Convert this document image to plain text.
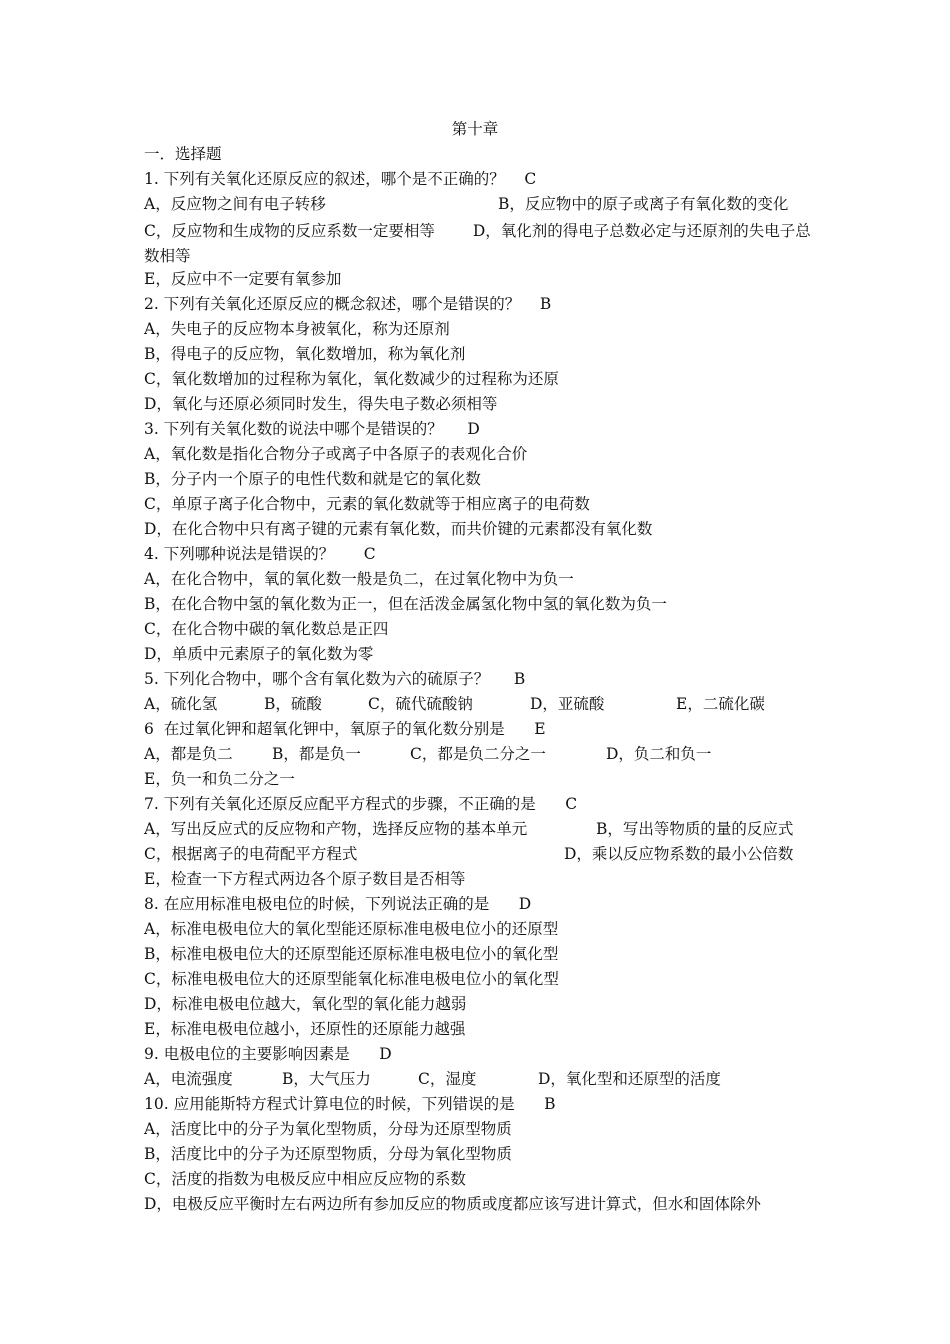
第十章
一．选择题
1. 下列有关氧化还原反应的叙述，哪个是不正确的？    C

A，反应物之间有电子转移

	B，反应物中的原子或离子有氧化数的变化

C，反应物和生成物的反应系数一定要相等 D，氧化剂的得电子总数必定与还原剂的失电子总数相等
E，反应中不一定要有氧参加
2. 下列有关氧化还原反应的概念叙述，哪个是错误的？    B
A，失电子的反应物本身被氧化，称为还原剂
B，得电子的反应物，氧化数增加，称为氧化剂
C，氧化数增加的过程称为氧化，氧化数减少的过程称为还原
D，氧化与还原必须同时发生，得失电子数必须相等
3. 下列有关氧化数的说法中哪个是错误的？     D
A，氧化数是指化合物分子或离子中各原子的表观化合价
B，分子内一个原子的电性代数和就是它的氧化数
C，单原子离子化合物中，元素的氧化数就等于相应离子的电荷数
D，在化合物中只有离子键的元素有氧化数，而共价键的元素都没有氧化数
4. 下列哪种说法是错误的？      C
A，在化合物中，氧的氧化数一般是负二，在过氧化物中为负一
B，在化合物中氢的氧化数为正一，但在活泼金属氢化物中氢的氧化数为负一
C，在化合物中碳的氧化数总是正四
D，单质中元素原子的氧化数为零
5. 下列化合物中，哪个含有氧化数为六的硫原子？     B

A，硫化氢

	B，硫酸

	C，硫代硫酸钠

	D，亚硫酸

	E，二硫化碳

6  在过氧化钾和超氧化钾中，氧原子的氧化数分别是      E

A，都是负二

	B，都是负一

	C，都是负二分之一

	D，负二和负一

E，负一和负二分之一
7. 下列有关氧化还原反应配平方程式的步骤，不正确的是      C

A，写出反应式的反应物和产物，选择反应物的基本单元

	B，写出等物质的量的反应式

C，根据离子的电荷配平方程式

	D，乘以反应物系数的最小公倍数

E，检查一下方程式两边各个原子数目是否相等
8. 在应用标准电极电位的时候，下列说法正确的是      D
A，标准电极电位大的氧化型能还原标准电极电位小的还原型
B，标准电极电位大的还原型能还原标准电极电位小的氧化型
C，标准电极电位大的还原型能氧化标准电极电位小的氧化型
D，标准电极电位越大，氧化型的氧化能力越弱
E，标准电极电位越小，还原性的还原能力越强
9. 电极电位的主要影响因素是      D

A，电流强度

	B，大气压力

	C，湿度

	D，氧化型和还原型的活度

10. 应用能斯特方程式计算电位的时候，下列错误的是      B
A，活度比中的分子为氧化型物质，分母为还原型物质
B，活度比中的分子为还原型物质，分母为氧化型物质
C，活度的指数为电极反应中相应反应物的系数
D，电极反应平衡时左右两边所有参加反应的物质或度都应该写进计算式，但水和固体除外
